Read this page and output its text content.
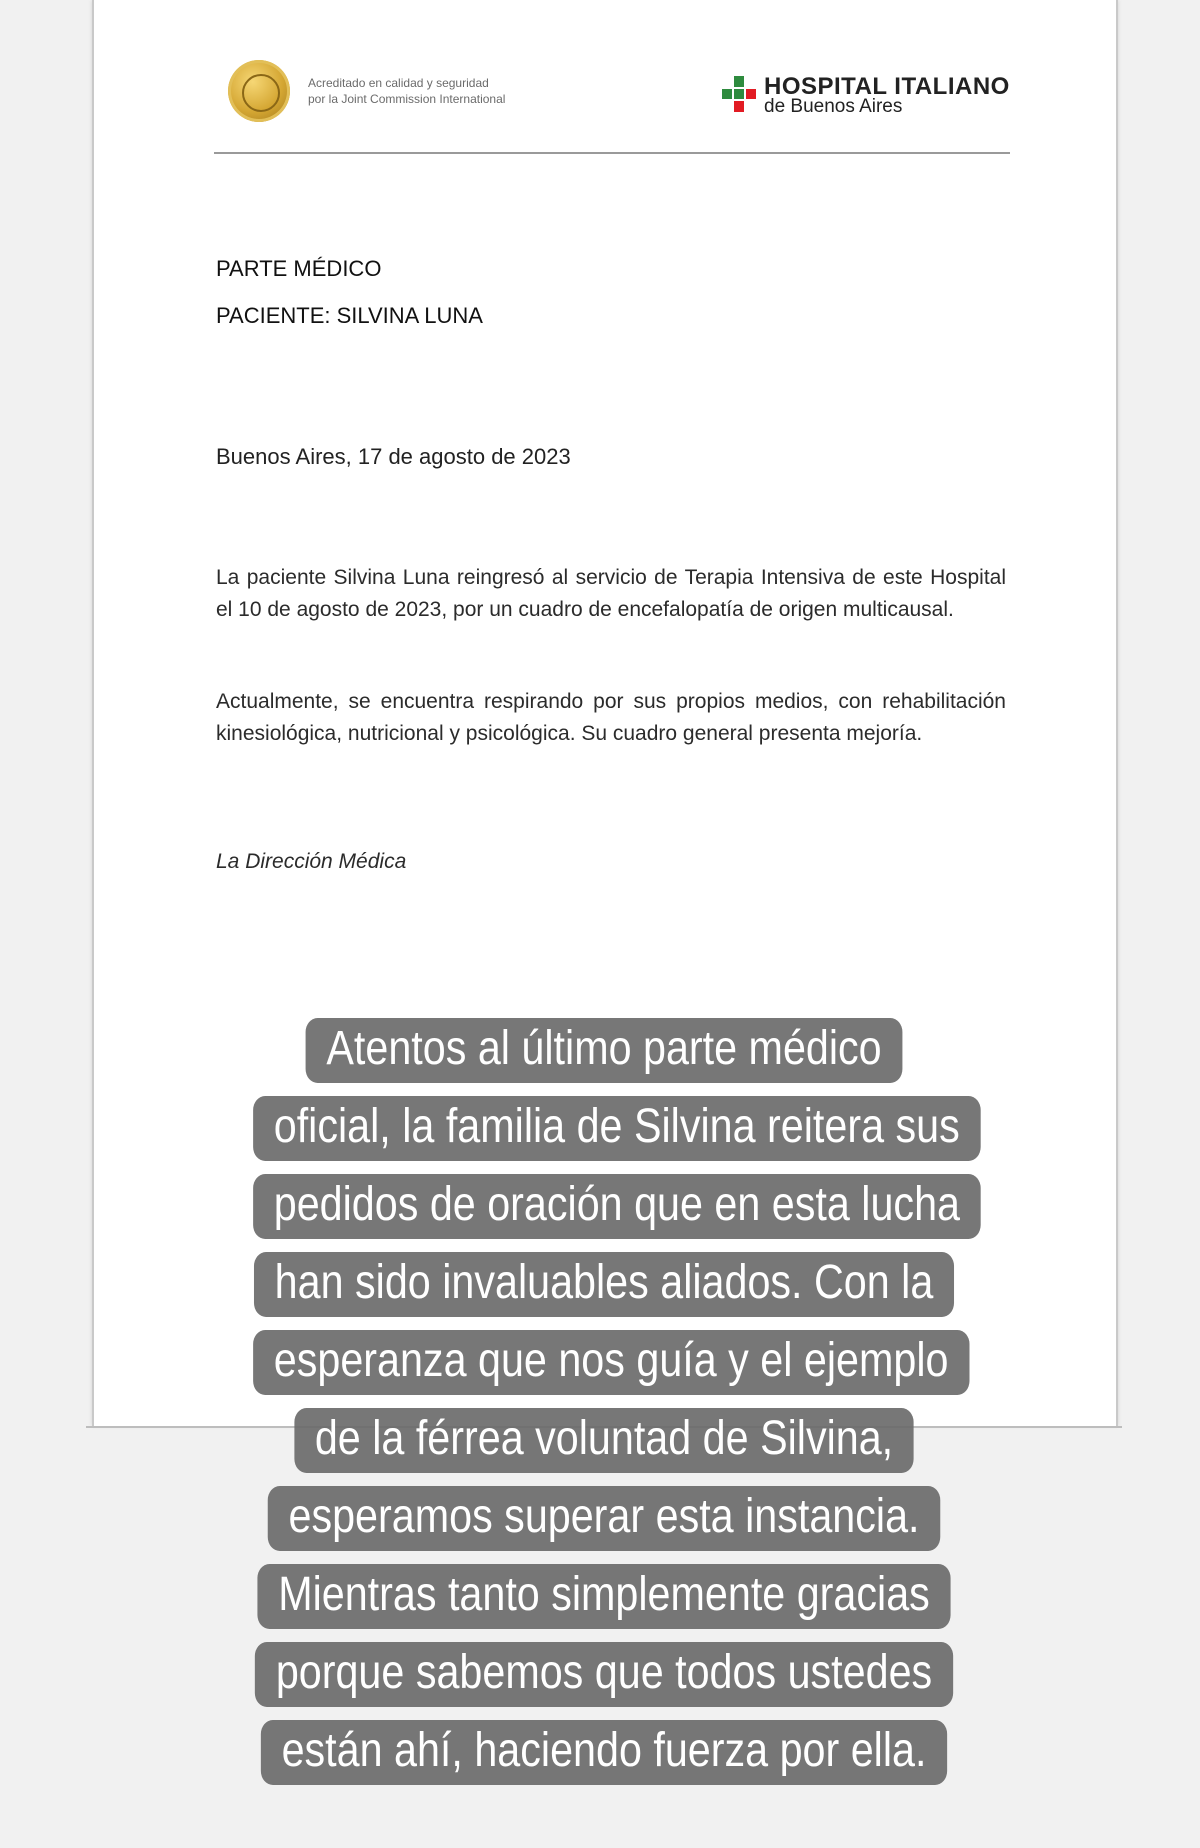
Acreditado en calidad y seguridad
por la Joint Commission International	HOSPITAL ITALIANO
de Buenos Aires
PARTE MÉDICO
PACIENTE: SILVINA LUNA
Buenos Aires, 17 de agosto de 2023

La paciente Silvina Luna reingresó al servicio de Terapia Intensiva de este Hospital el 10 de agosto de 2023, por un cuadro de encefalopatía de origen multicausal.

Actualmente, se encuentra respirando por sus propios medios, con rehabilitación kinesiológica, nutricional y psicológica. Su cuadro general presenta mejoría.

La Dirección Médica
Atentos al último parte médico
oficial, la familia de Silvina reitera sus
pedidos de oración que en esta lucha
han sido invaluables aliados. Con la
esperanza que nos guía y el ejemplo
de la férrea voluntad de Silvina,
esperamos superar esta instancia.
Mientras tanto simplemente gracias
porque sabemos que todos ustedes
están ahí, haciendo fuerza por ella.
